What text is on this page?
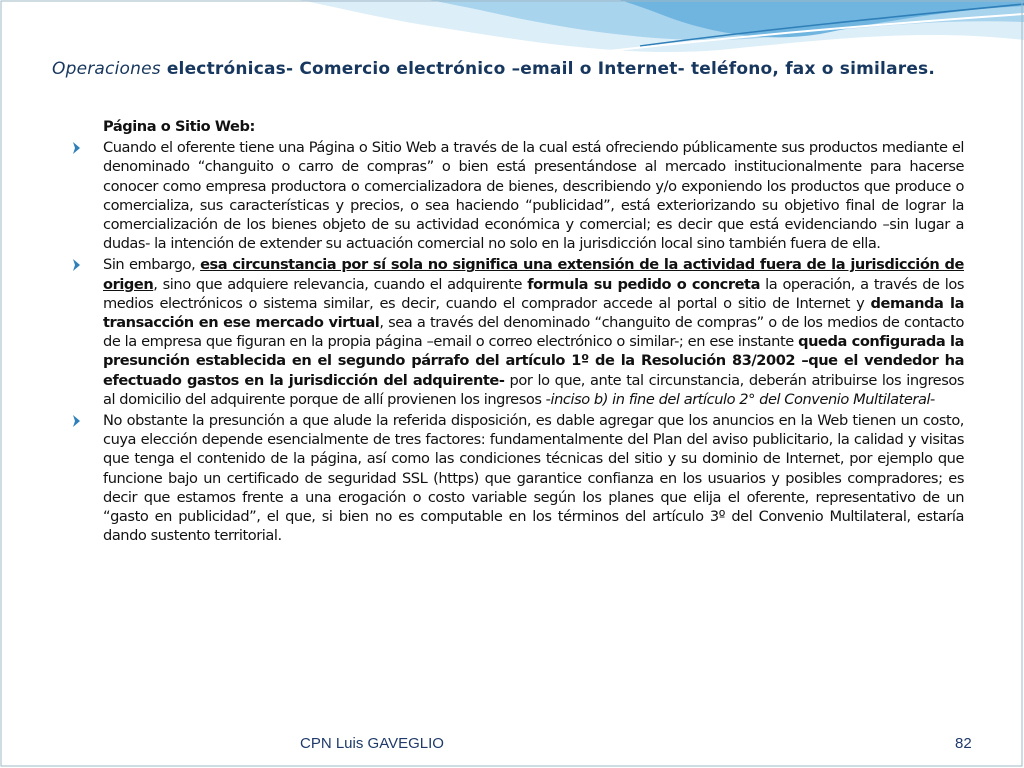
Operaciones electrónicas- Comercio electrónico –email o Internet- teléfono, fax o similares.

Página o Sitio Web:

Cuando el oferente tiene una Página o Sitio Web a través de la cual está ofreciendo públicamente sus productos mediante el denominado “changuito o carro de compras” o bien está presentándose al mercado institucionalmente para hacerse conocer como empresa productora o comercializadora de bienes, describiendo y/o exponiendo los productos que produce o comercializa, sus características y precios, o sea haciendo “publicidad”, está exteriorizando su objetivo final de lograr la comercialización de los bienes objeto de su actividad económica y comercial; es decir que está evidenciando –sin lugar a dudas- la intención de extender su actuación comercial no solo en la jurisdicción local sino también fuera de ella.

Sin embargo, esa circunstancia por sí sola no significa una extensión de la actividad fuera de la jurisdicción de origen, sino que adquiere relevancia, cuando el adquirente formula su pedido o concreta la operación, a través de los medios electrónicos o sistema similar, es decir, cuando el comprador accede al portal o sitio de Internet y demanda la transacción en ese mercado virtual, sea a través del denominado “changuito de compras” o de los medios de contacto de la empresa que figuran en la propia página –email o correo electrónico o similar-; en ese instante queda configurada la presunción establecida en el segundo párrafo del artículo 1º de la Resolución 83/2002 –que el vendedor ha efectuado gastos en la jurisdicción del adquirente- por lo que, ante tal circunstancia, deberán atribuirse los ingresos al domicilio del adquirente porque de allí provienen los ingresos -inciso b) in fine del artículo 2° del Convenio Multilateral-

No obstante la presunción a que alude la referida disposición, es dable agregar que los anuncios en la Web tienen un costo, cuya elección depende esencialmente de tres factores: fundamentalmente del Plan del aviso publicitario, la calidad y visitas que tenga el contenido de la página, así como las condiciones técnicas del sitio y su dominio de Internet, por ejemplo que funcione bajo un certificado de seguridad SSL (https) que garantice confianza en los usuarios y posibles compradores; es decir que estamos frente a una erogación o costo variable según los planes que elija el oferente, representativo de un “gasto en publicidad”, el que, si bien no es computable en los términos del artículo 3º del Convenio Multilateral, estaría dando sustento territorial.

CPN Luis GAVEGLIO	82
